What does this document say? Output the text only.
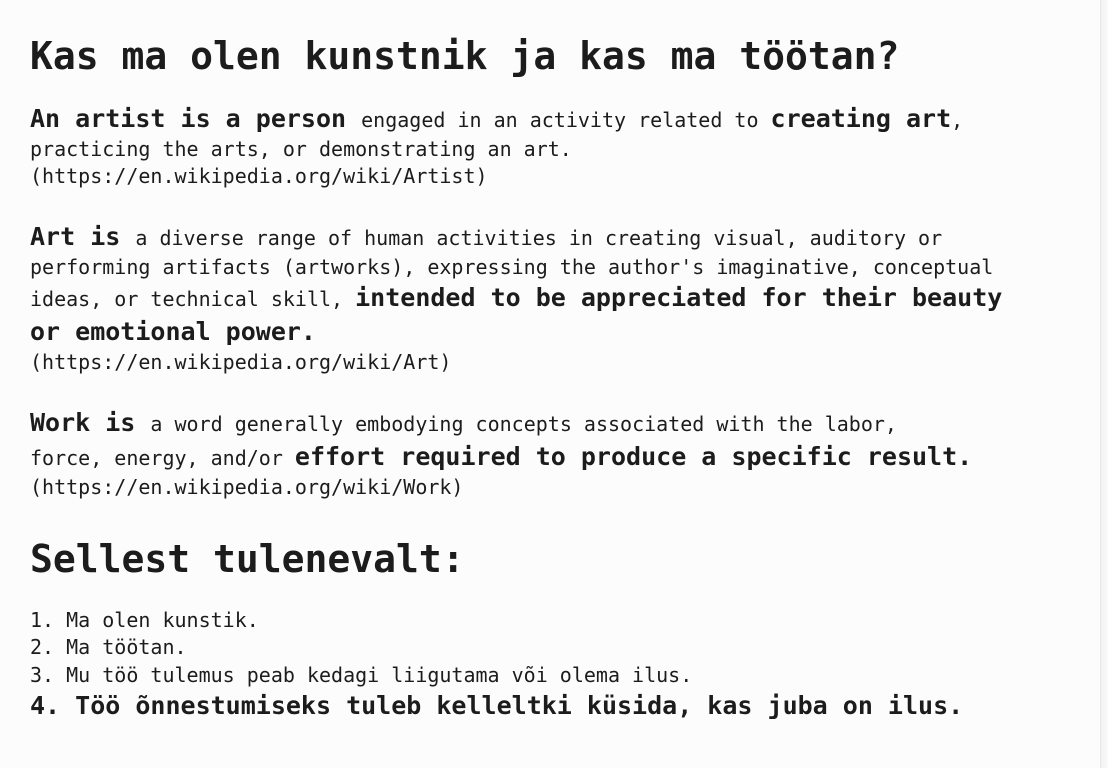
Kas ma olen kunstnik ja kas ma töötan?
An artist is a person engaged in an activity related to creating art,
practicing the arts, or demonstrating an art.
(https://en.wikipedia.org/wiki/Artist)
Art is a diverse range of human activities in creating visual, auditory or
performing artifacts (artworks), expressing the author's imaginative, conceptual
ideas, or technical skill, intended to be appreciated for their beauty
or emotional power.
(https://en.wikipedia.org/wiki/Art)
Work is a word generally embodying concepts associated with the labor,
force, energy, and/or effort required to produce a specific result.
(https://en.wikipedia.org/wiki/Work)
Sellest tulenevalt:
1. Ma olen kunstik.
2. Ma töötan.
3. Mu töö tulemus peab kedagi liigutama või olema ilus.
4. Töö õnnestumiseks tuleb kelleltki küsida, kas juba on ilus.
